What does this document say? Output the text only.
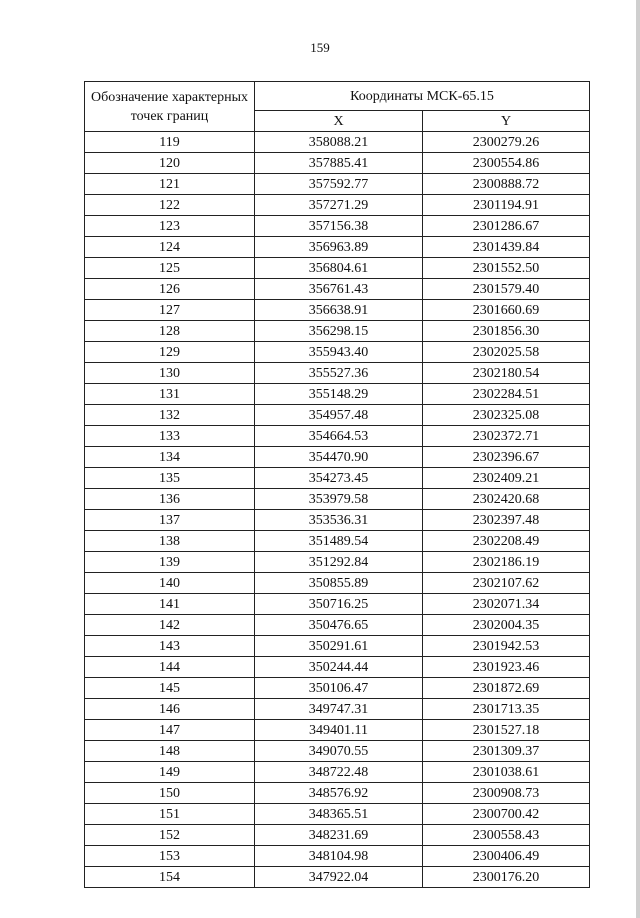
159
Обозначение характерных точек границ	Координаты МСК-65.15	
	X	Y
119	358088.21	2300279.26
120	357885.41	2300554.86
121	357592.77	2300888.72
122	357271.29	2301194.91
123	357156.38	2301286.67
124	356963.89	2301439.84
125	356804.61	2301552.50
126	356761.43	2301579.40
127	356638.91	2301660.69
128	356298.15	2301856.30
129	355943.40	2302025.58
130	355527.36	2302180.54
131	355148.29	2302284.51
132	354957.48	2302325.08
133	354664.53	2302372.71
134	354470.90	2302396.67
135	354273.45	2302409.21
136	353979.58	2302420.68
137	353536.31	2302397.48
138	351489.54	2302208.49
139	351292.84	2302186.19
140	350855.89	2302107.62
141	350716.25	2302071.34
142	350476.65	2302004.35
143	350291.61	2301942.53
144	350244.44	2301923.46
145	350106.47	2301872.69
146	349747.31	2301713.35
147	349401.11	2301527.18
148	349070.55	2301309.37
149	348722.48	2301038.61
150	348576.92	2300908.73
151	348365.51	2300700.42
152	348231.69	2300558.43
153	348104.98	2300406.49
154	347922.04	2300176.20
